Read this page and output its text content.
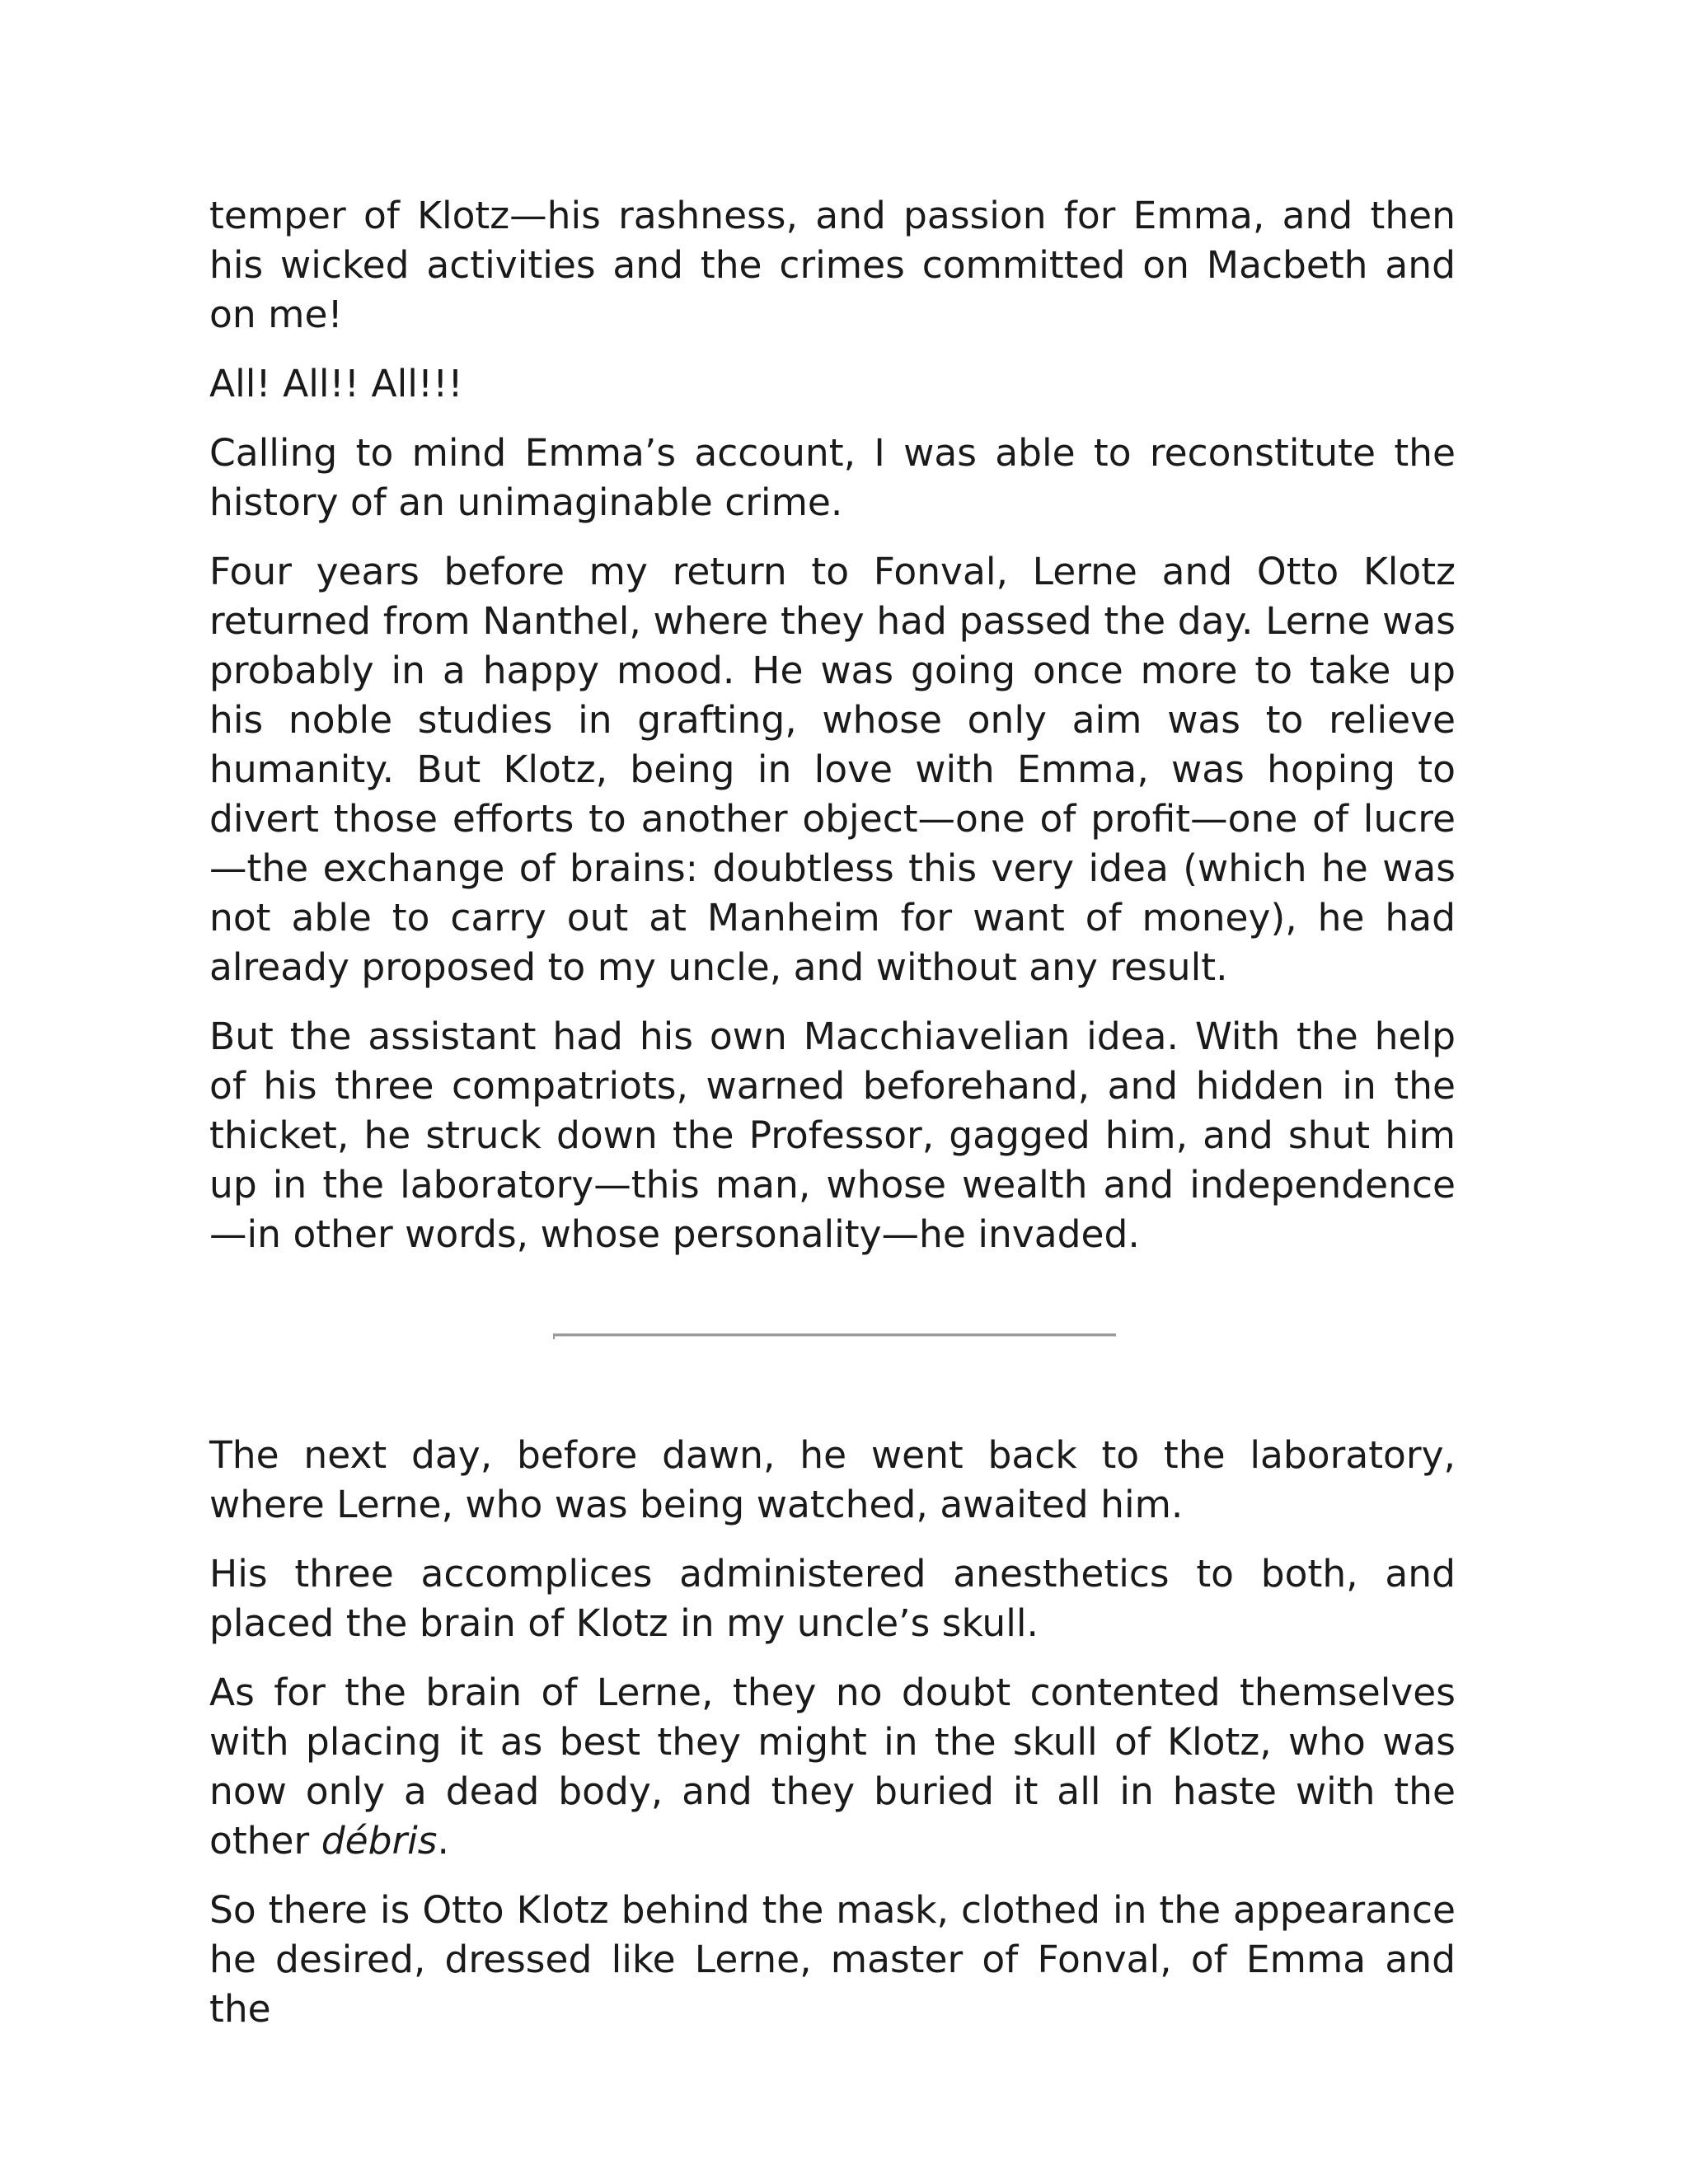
temper of Klotz—his rashness, and passion for Emma, and then his wicked activities and the crimes committed on Macbeth and on me!

All! All!! All!!!

Calling to mind Emma’s account, I was able to reconstitute the history of an unimaginable crime.

Four years before my return to Fonval, Lerne and Otto Klotz returned from Nanthel, where they had passed the day. Lerne was probably in a happy mood. He was going once more to take up his noble studies in grafting, whose only aim was to relieve humanity. But Klotz, being in love with Emma, was hoping to divert those efforts to another object—one of profit—one of lucre—the exchange of brains: doubtless this very idea (which he was not able to carry out at Manheim for want of money), he had already proposed to my uncle, and without any result.

But the assistant had his own Macchiavelian idea. With the help of his three compatriots, warned beforehand, and hidden in the thicket, he struck down the Professor, gagged him, and shut him up in the laboratory—this man, whose wealth and independence—in other words, whose personality—he invaded.

The next day, before dawn, he went back to the laboratory, where Lerne, who was being watched, awaited him.

His three accomplices administered anesthetics to both, and placed the brain of Klotz in my uncle’s skull.

As for the brain of Lerne, they no doubt contented themselves with placing it as best they might in the skull of Klotz, who was now only a dead body, and they buried it all in haste with the other débris.

So there is Otto Klotz behind the mask, clothed in the appearance he desired, dressed like Lerne, master of Fonval, of Emma and the
